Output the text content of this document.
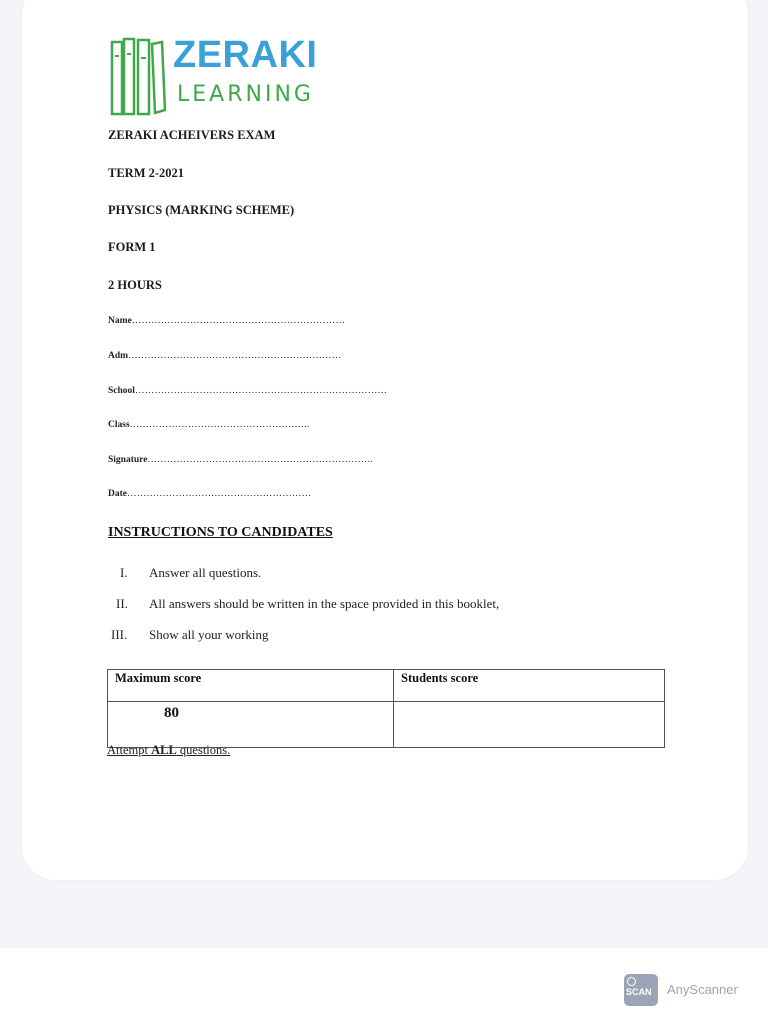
ZERAKI
LEARNING
ZERAKI ACHEIVERS EXAM
TERM 2-2021
PHYSICS (MARKING SCHEME)
FORM 1
2 HOURS
Name…………………………………………………………
Adm…………………………………………………………
School……………………………………………………………………
Class………………………………………………..
Signature…………………………………………………………….
Date…………………………………………………
INSTRUCTIONS TO CANDIDATES
I. Answer all questions.
II. All answers should be written in the space provided in this booklet,
III. Show all your working
Maximum score	Students score
80	
Attempt ALL questions.
SCAN AnyScanner
